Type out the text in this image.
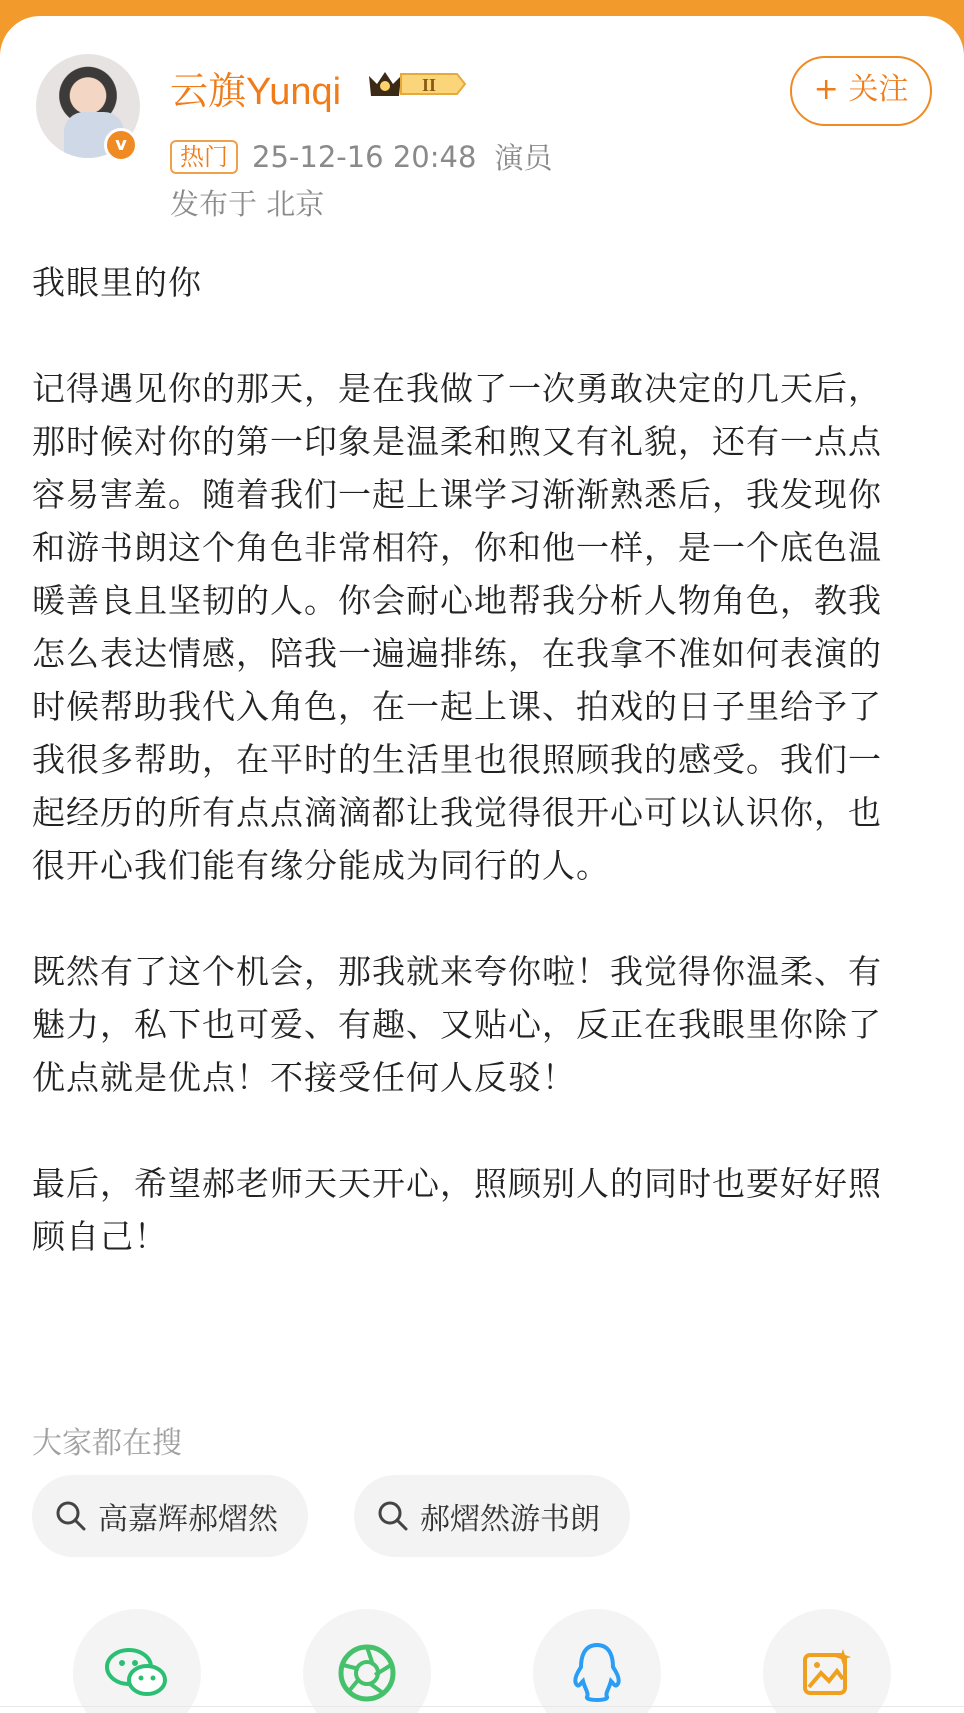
v
云旗Yunqi	II	+ 关注
热门 25-12-16 20:48 演员
发布于 北京

我眼里的你

记得遇见你的那天，是在我做了一次勇敢决定的几天后，那时候对你的第一印象是温柔和煦又有礼貌，还有一点点容易害羞。随着我们一起上课学习渐渐熟悉后，我发现你和游书朗这个角色非常相符，你和他一样，是一个底色温暖善良且坚韧的人。你会耐心地帮我分析人物角色，教我怎么表达情感，陪我一遍遍排练，在我拿不准如何表演的时候帮助我代入角色，在一起上课、拍戏的日子里给予了我很多帮助，在平时的生活里也很照顾我的感受。我们一起经历的所有点点滴滴都让我觉得很开心可以认识你，也很开心我们能有缘分能成为同行的人。

既然有了这个机会，那我就来夸你啦！我觉得你温柔、有魅力，私下也可爱、有趣、又贴心，反正在我眼里你除了优点就是优点！不接受任何人反驳！

最后，希望郝老师天天开心，照顾别人的同时也要好好照顾自己！

大家都在搜
高嘉辉郝熠然	郝熠然游书朗
